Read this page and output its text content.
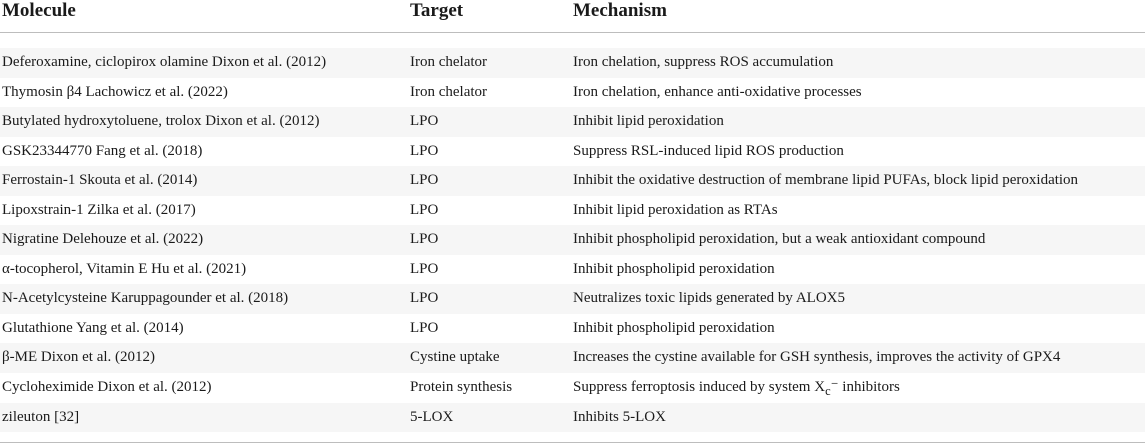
Molecule	Target	Mechanism
Deferoxamine, ciclopirox olamine Dixon et al. (2012)	Iron chelator	Iron chelation, suppress ROS accumulation
Thymosin β4 Lachowicz et al. (2022)	Iron chelator	Iron chelation, enhance anti-oxidative processes
Butylated hydroxytoluene, trolox Dixon et al. (2012)	LPO	Inhibit lipid peroxidation
GSK23344770 Fang et al. (2018)	LPO	Suppress RSL-induced lipid ROS production
Ferrostain-1 Skouta et al. (2014)	LPO	Inhibit the oxidative destruction of membrane lipid PUFAs, block lipid peroxidation
Lipoxstrain-1 Zilka et al. (2017)	LPO	Inhibit lipid peroxidation as RTAs
Nigratine Delehouze et al. (2022)	LPO	Inhibit phospholipid peroxidation, but a weak antioxidant compound
α-tocopherol, Vitamin E Hu et al. (2021)	LPO	Inhibit phospholipid peroxidation
N-Acetylcysteine Karuppagounder et al. (2018)	LPO	Neutralizes toxic lipids generated by ALOX5
Glutathione Yang et al. (2014)	LPO	Inhibit phospholipid peroxidation
β-ME Dixon et al. (2012)	Cystine uptake	Increases the cystine available for GSH synthesis, improves the activity of GPX4
Cycloheximide Dixon et al. (2012)	Protein synthesis	Suppress ferroptosis induced by system $X_c^-$ inhibitors
zileuton [32]	5-LOX	Inhibits 5-LOX
